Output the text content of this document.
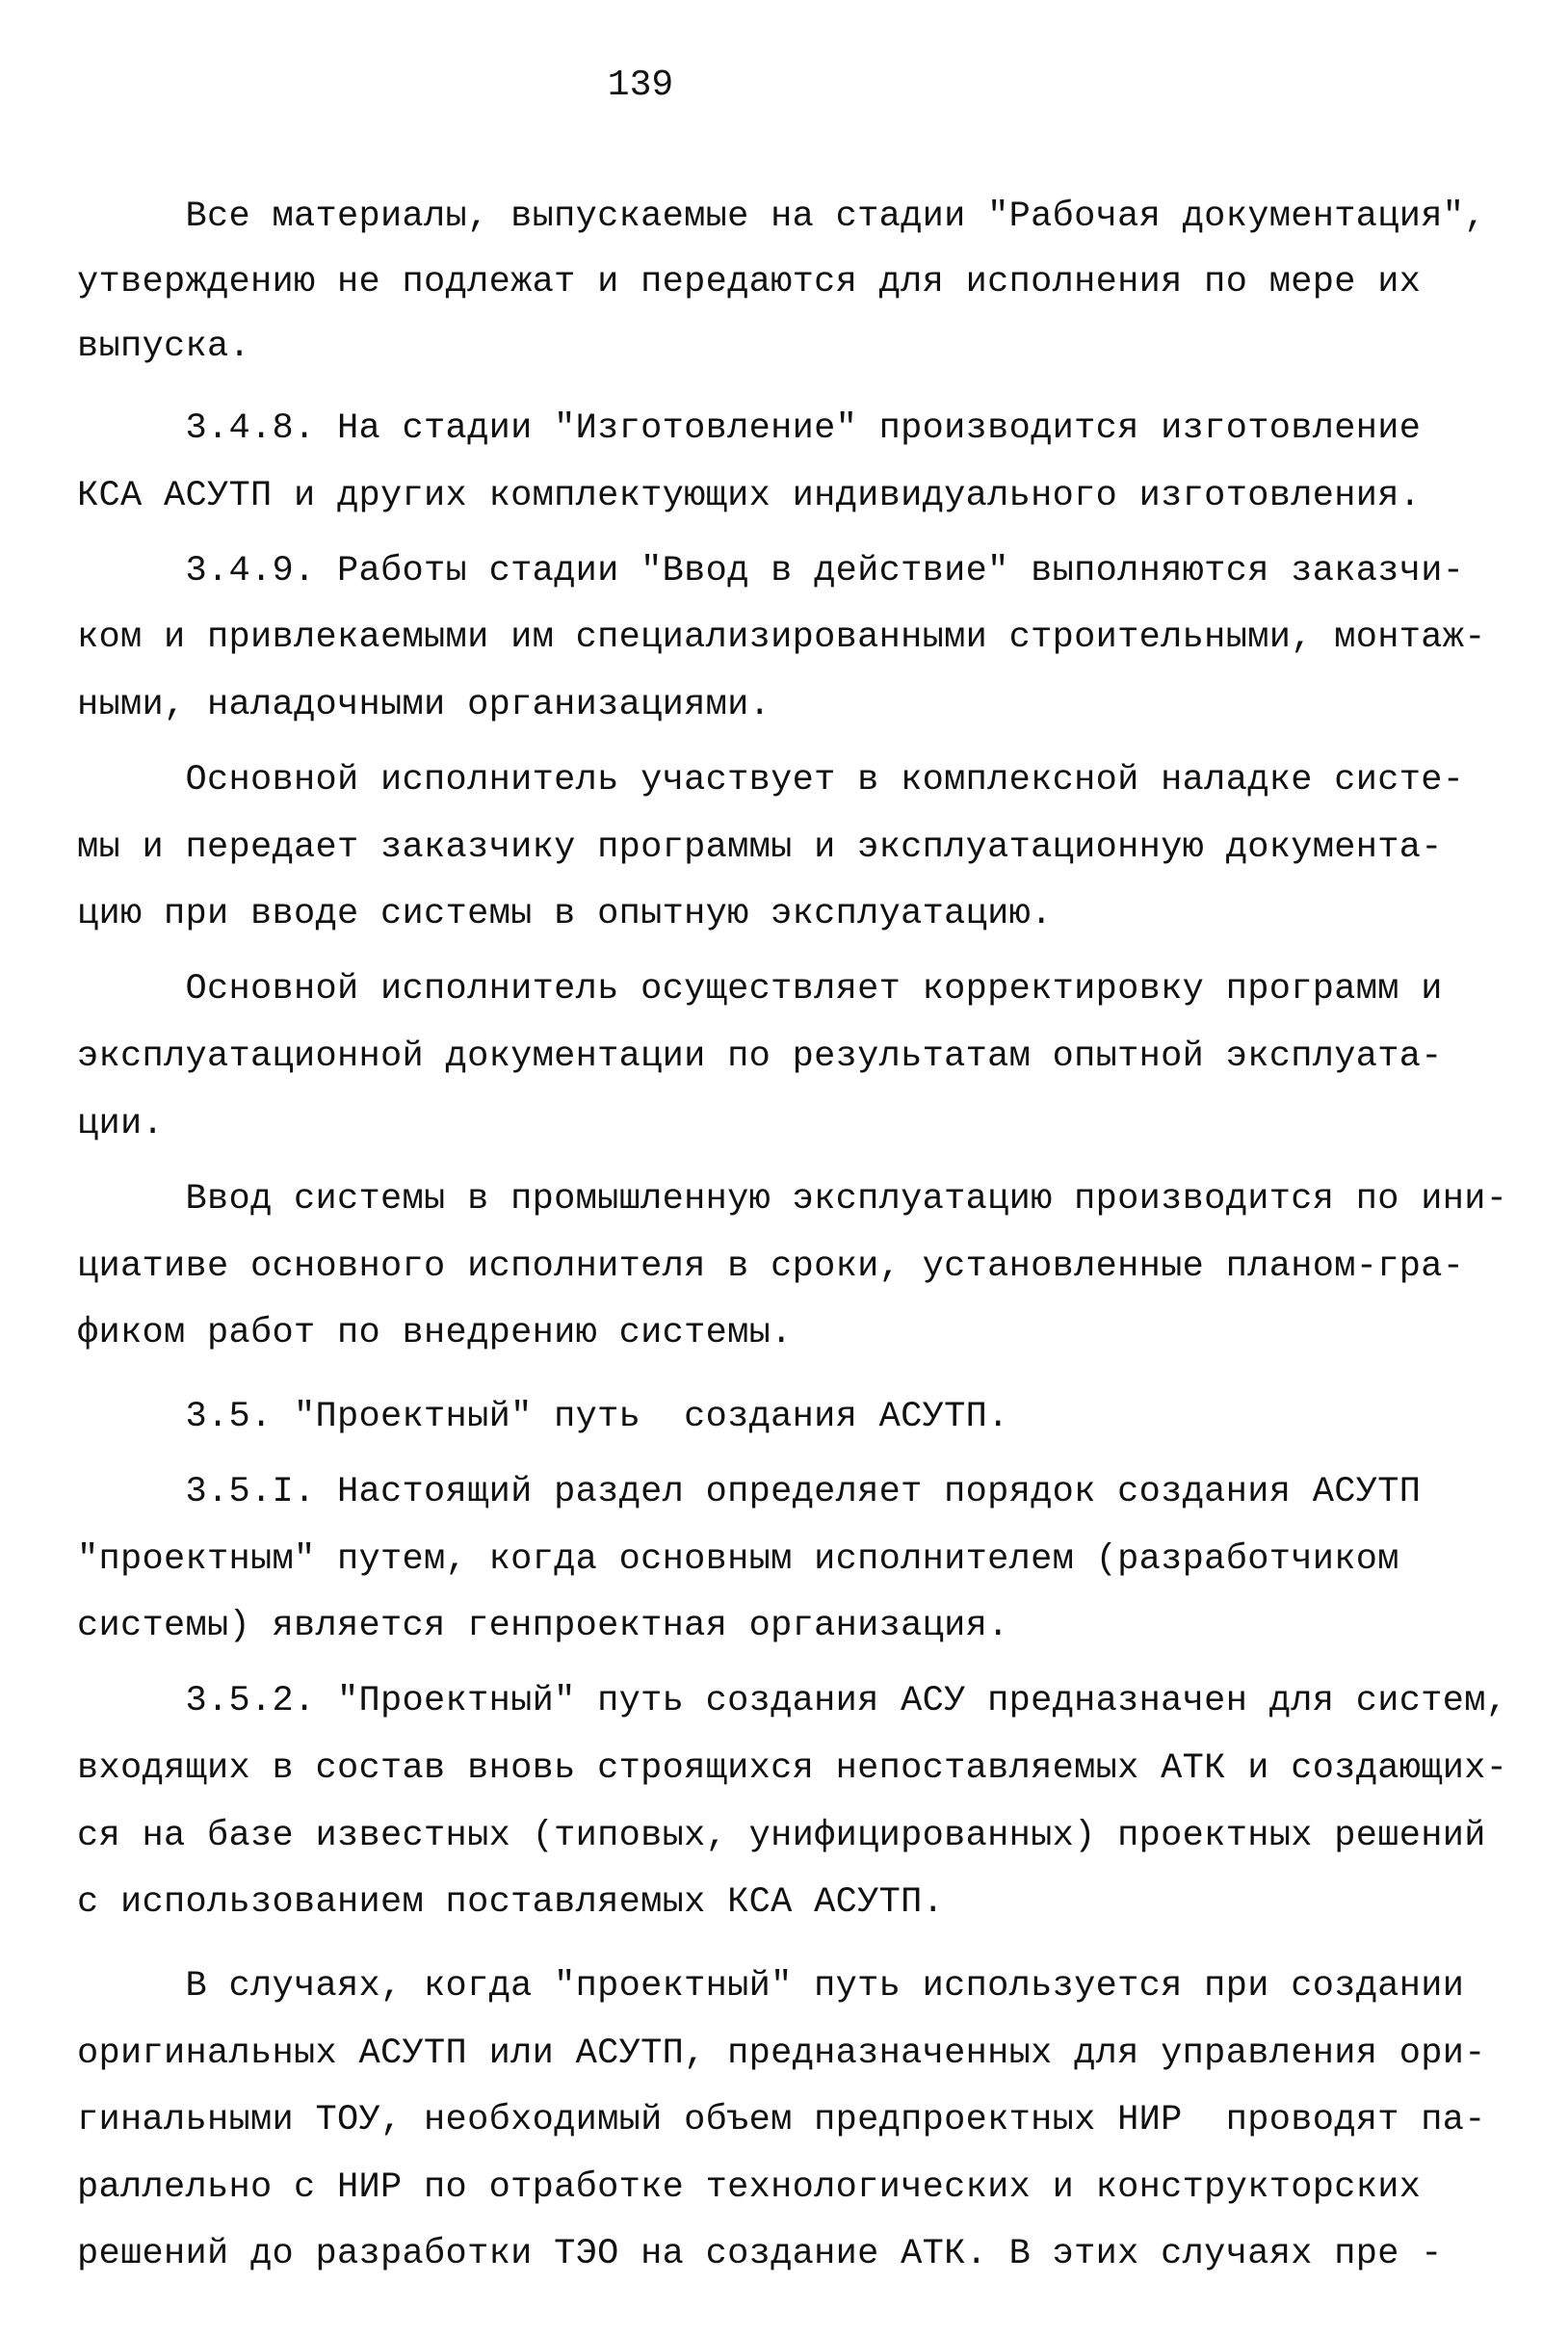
139
Все материалы, выпускаемые на стадии "Рабочая документация",
утверждению не подлежат и передаются для исполнения по мере их
выпуска.
3.4.8. На стадии "Изготовление" производится изготовление
КСА АСУТП и других комплектующих индивидуального изготовления.
3.4.9. Работы стадии "Ввод в действие" выполняются заказчи-
ком и привлекаемыми им специализированными строительными, монтаж-
ными, наладочными организациями.
Основной исполнитель участвует в комплексной наладке систе-
мы и передает заказчику программы и эксплуатационную документа-
цию при вводе системы в опытную эксплуатацию.
Основной исполнитель осуществляет корректировку программ и
эксплуатационной документации по результатам опытной эксплуата-
ции.
Ввод системы в промышленную эксплуатацию производится по ини-
циативе основного исполнителя в сроки, установленные планом-гра-
фиком работ по внедрению системы.
3.5. "Проектный" путь  создания АСУТП.
3.5.I. Настоящий раздел определяет порядок создания АСУТП
"проектным" путем, когда основным исполнителем (разработчиком
системы) является генпроектная организация.
3.5.2. "Проектный" путь создания АСУ предназначен для систем,
входящих в состав вновь строящихся непоставляемых АТК и создающих-
ся на базе известных (типовых, унифицированных) проектных решений
с использованием поставляемых КСА АСУТП.
В случаях, когда "проектный" путь используется при создании
оригинальных АСУТП или АСУТП, предназначенных для управления ори-
гинальными ТОУ, необходимый объем предпроектных НИР  проводят па-
раллельно с НИР по отработке технологических и конструкторских
решений до разработки ТЭО на создание АТК. В этих случаях пре -
